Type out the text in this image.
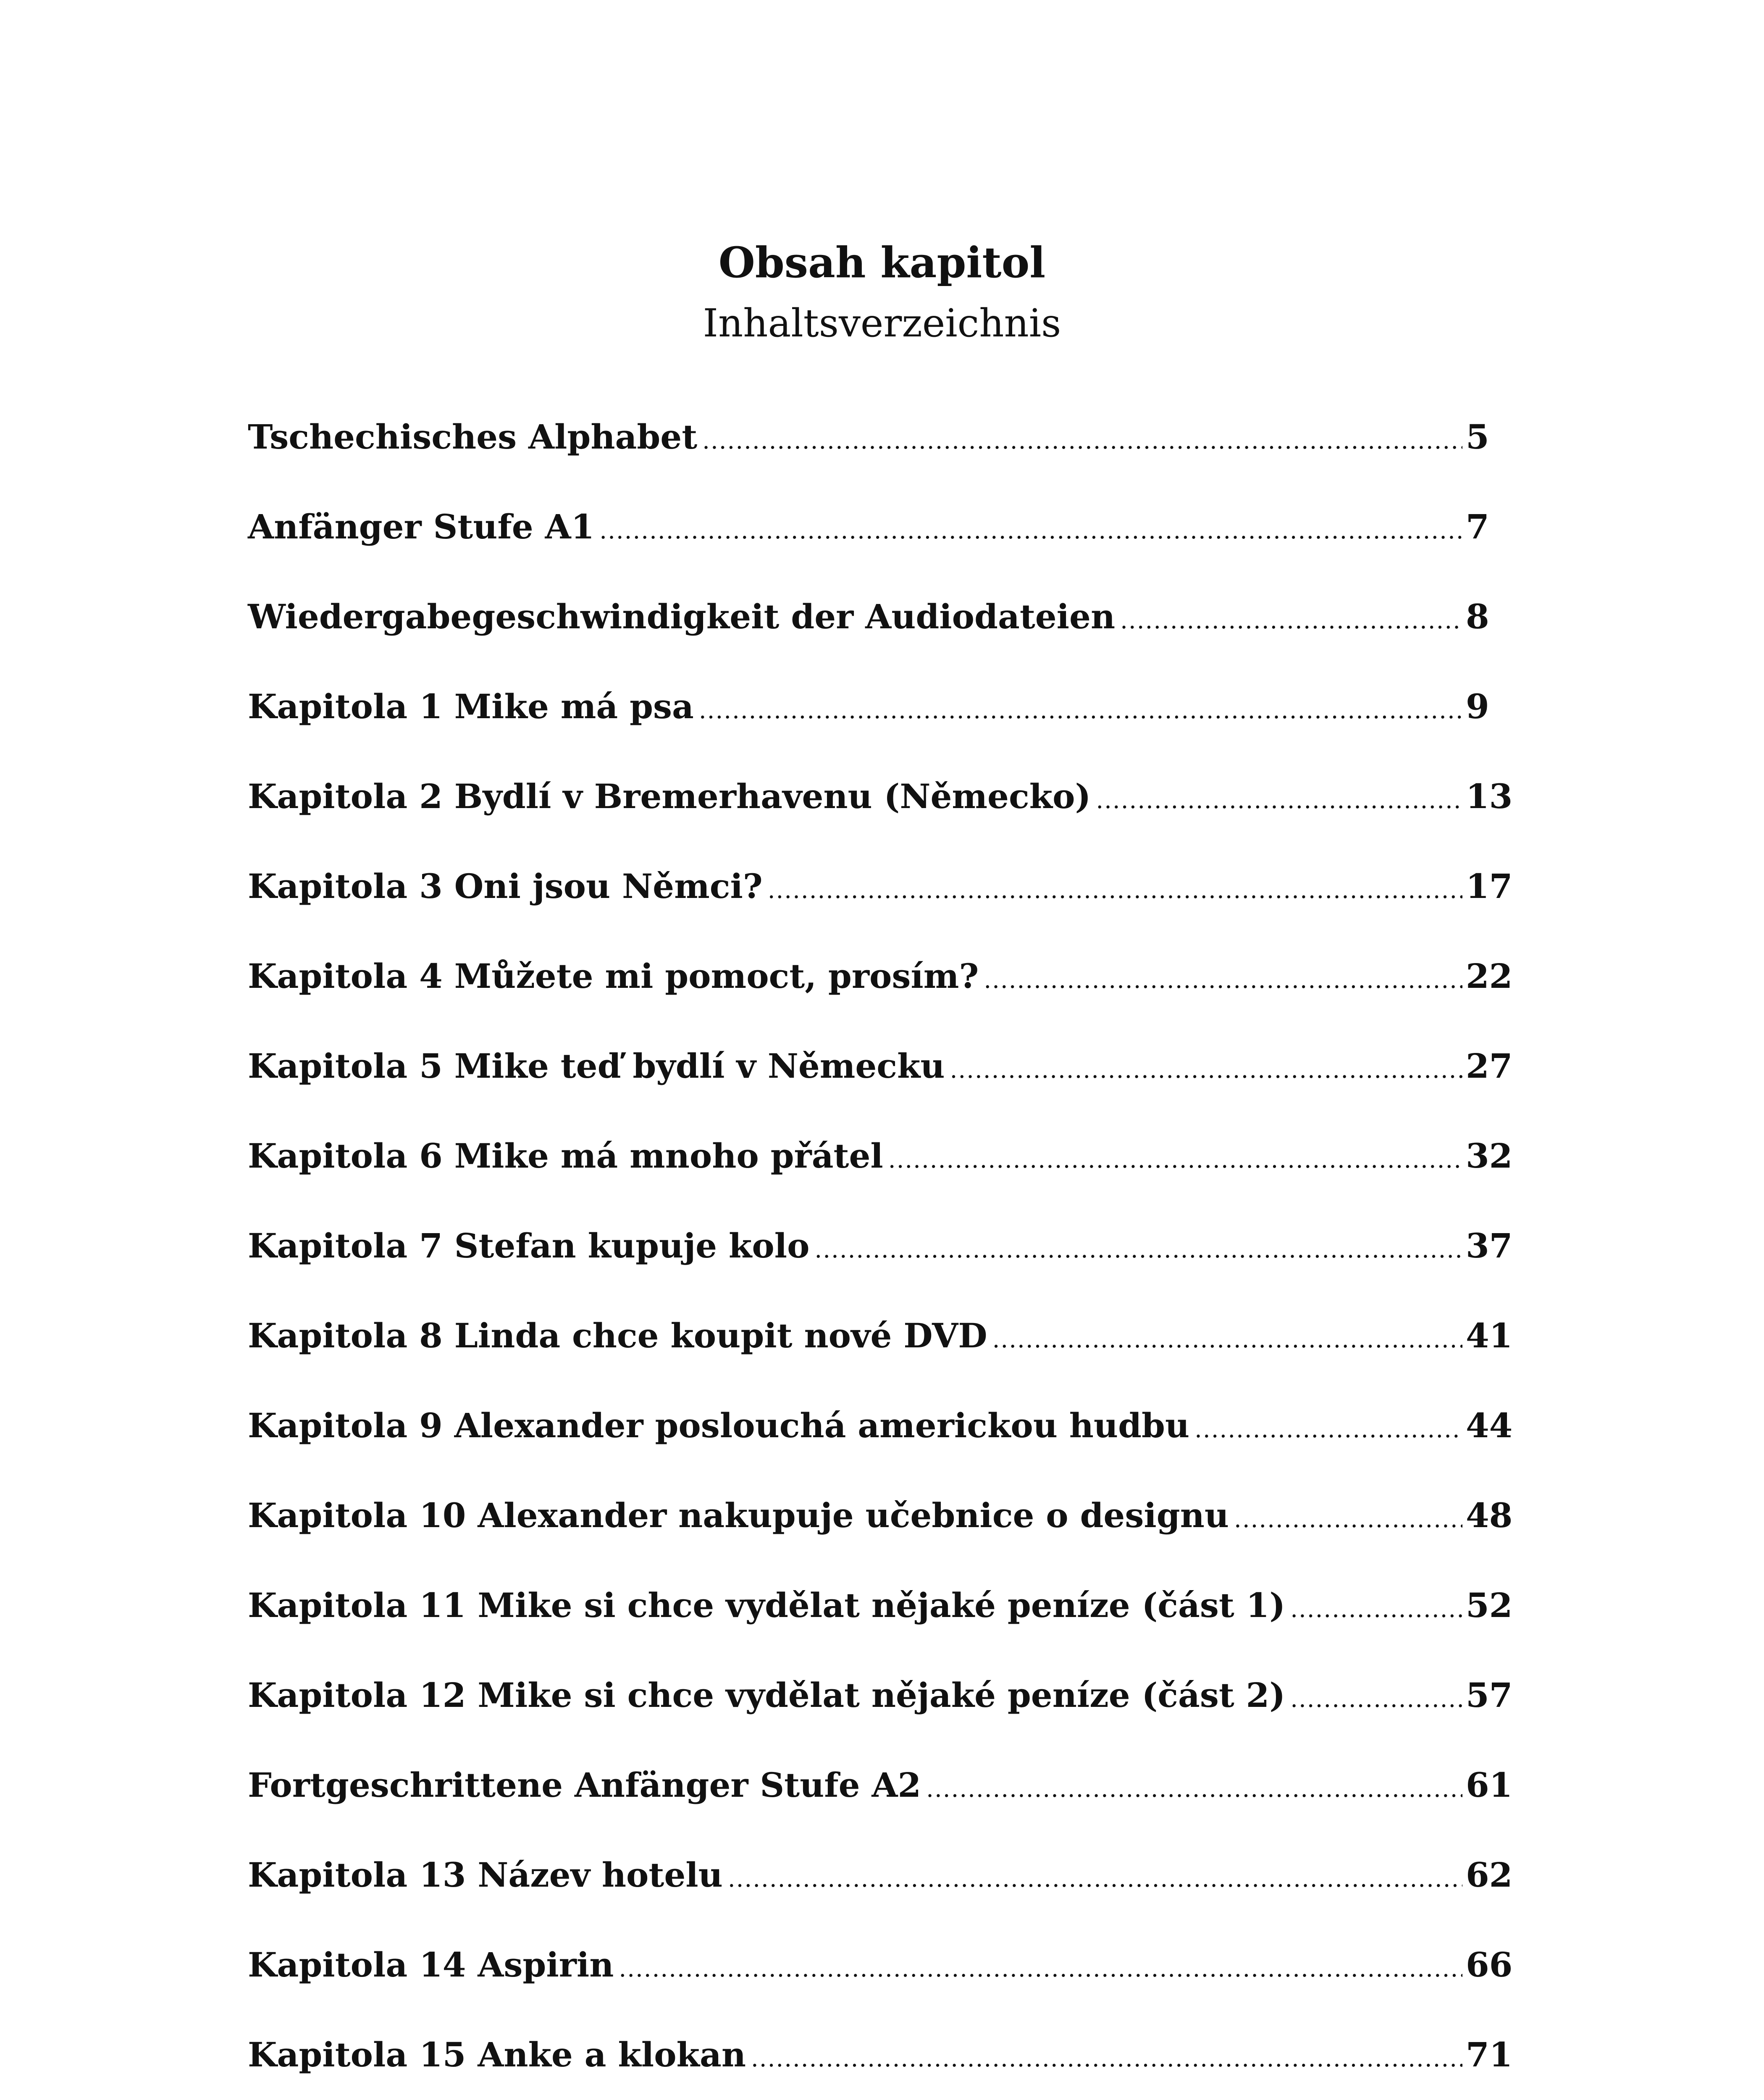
Obsah kapitol
Inhaltsverzeichnis
Tschechisches Alphabet .....	5
Anfänger Stufe A1 .....	7
Wiedergabegeschwindigkeit der Audiodateien .....	8
Kapitola 1 Mike má psa .....	9
Kapitola 2 Bydlí v Bremerhavenu (Německo) .....	13
Kapitola 3 Oni jsou Němci? .....	17
Kapitola 4 Můžete mi pomoct, prosím? .....	22
Kapitola 5 Mike teď bydlí v Německu .....	27
Kapitola 6 Mike má mnoho přátel .....	32
Kapitola 7 Stefan kupuje kolo .....	37
Kapitola 8 Linda chce koupit nové DVD .....	41
Kapitola 9 Alexander poslouchá americkou hudbu .....	44
Kapitola 10 Alexander nakupuje učebnice o designu .....	48
Kapitola 11 Mike si chce vydělat nějaké peníze (část 1) .....	52
Kapitola 12 Mike si chce vydělat nějaké peníze (část 2) .....	57
Fortgeschrittene Anfänger Stufe A2 .....	61
Kapitola 13 Název hotelu .....	62
Kapitola 14 Aspirin .....	66
Kapitola 15 Anke a klokan .....	71
